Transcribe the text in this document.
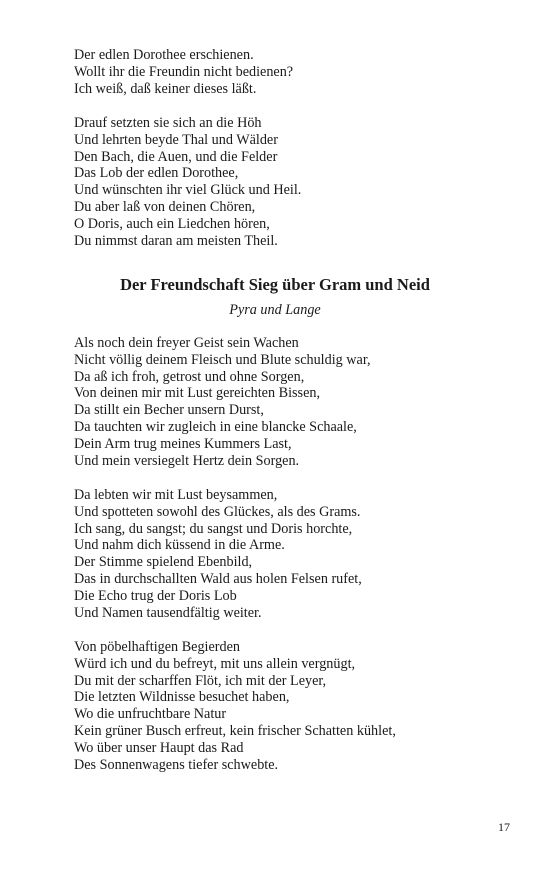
Der edlen Dorothee erschienen.
Wollt ihr die Freundin nicht bedienen?
Ich weiß, daß keiner dieses läßt.
Drauf setzten sie sich an die Höh
Und lehrten beyde Thal und Wälder
Den Bach, die Auen, und die Felder
Das Lob der edlen Dorothee,
Und wünschten ihr viel Glück und Heil.
Du aber laß von deinen Chören,
O Doris, auch ein Liedchen hören,
Du nimmst daran am meisten Theil.
Der Freundschaft Sieg über Gram und Neid
Pyra und Lange
Als noch dein freyer Geist sein Wachen
Nicht völlig deinem Fleisch und Blute schuldig war,
Da aß ich froh, getrost und ohne Sorgen,
Von deinen mir mit Lust gereichten Bissen,
Da stillt ein Becher unsern Durst,
Da tauchten wir zugleich in eine blancke Schaale,
Dein Arm trug meines Kummers Last,
Und mein versiegelt Hertz dein Sorgen.
Da lebten wir mit Lust beysammen,
Und spotteten sowohl des Glückes, als des Grams.
Ich sang, du sangst; du sangst und Doris horchte,
Und nahm dich küssend in die Arme.
Der Stimme spielend Ebenbild,
Das in durchschallten Wald aus holen Felsen rufet,
Die Echo trug der Doris Lob
Und Namen tausendfältig weiter.
Von pöbelhaftigen Begierden
Würd ich und du befreyt, mit uns allein vergnügt,
Du mit der scharffen Flöt, ich mit der Leyer,
Die letzten Wildnisse besuchet haben,
Wo die unfruchtbare Natur
Kein grüner Busch erfreut, kein frischer Schatten kühlet,
Wo über unser Haupt das Rad
Des Sonnenwagens tiefer schwebte.
17
